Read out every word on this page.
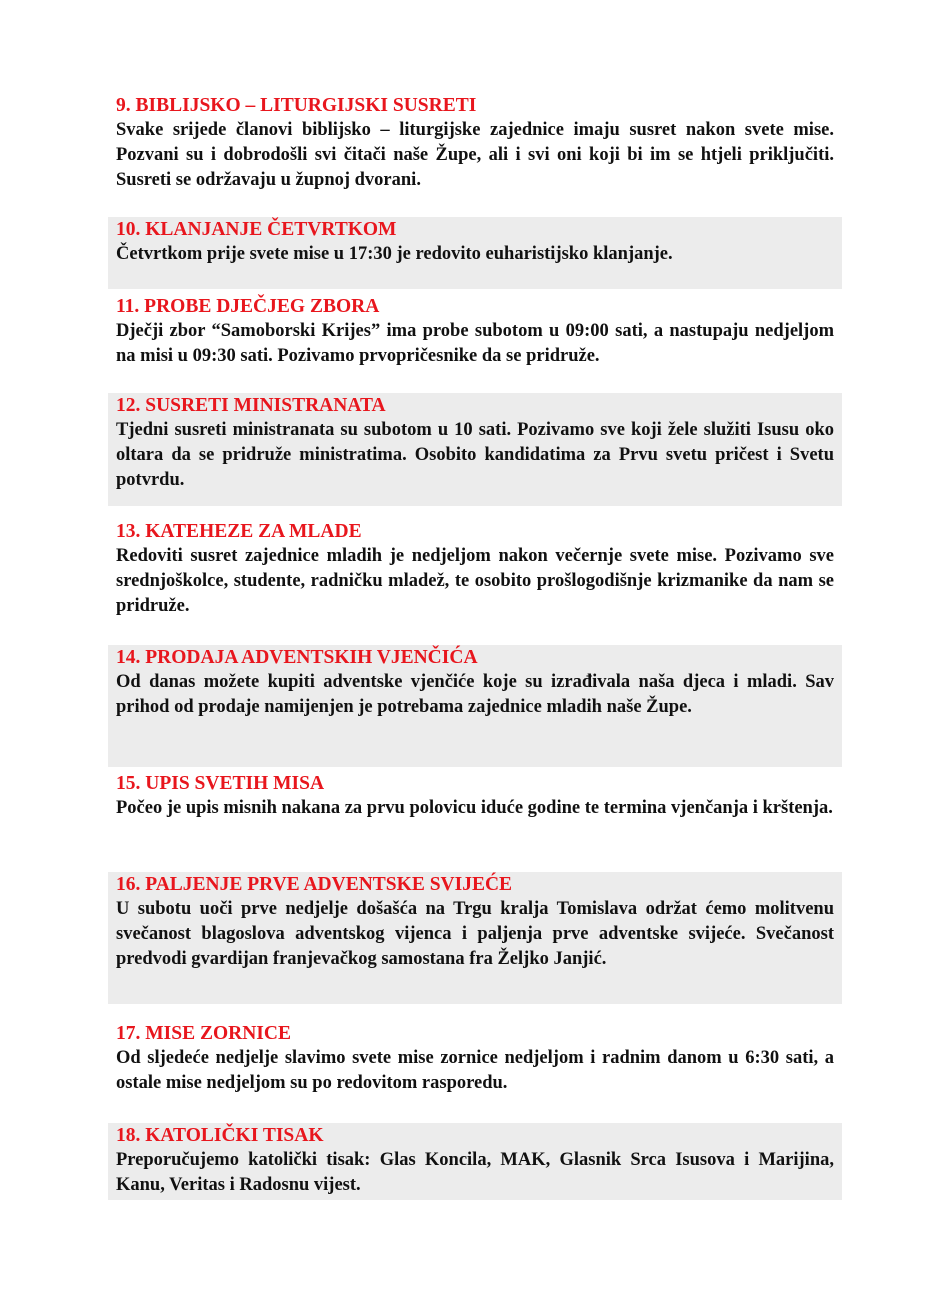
9. BIBLIJSKO – LITURGIJSKI SUSRETI
Svake srijede članovi biblijsko – liturgijske zajednice imaju susret nakon svete mise. Pozvani su i dobrodošli svi čitači naše Župe, ali i svi oni koji bi im se htjeli priključiti. Susreti se održavaju u župnoj dvorani.
10. KLANJANJE ČETVRTKOM
Četvrtkom prije svete mise u 17:30 je redovito euharistijsko klanjanje.
11. PROBE DJEČJEG ZBORA
Dječji zbor “Samoborski Krijes” ima probe subotom u 09:00 sati, a nastupaju nedjeljom na misi u 09:30 sati. Pozivamo prvopričesnike da se pridruže.
12. SUSRETI MINISTRANATA
Tjedni susreti ministranata su subotom u 10 sati. Pozivamo sve koji žele služiti Isusu oko oltara da se pridruže ministratima. Osobito kandidatima za Prvu svetu pričest i Svetu potvrdu.
13. KATEHEZE ZA MLADE
Redoviti susret zajednice mladih je nedjeljom nakon večernje svete mise. Pozivamo sve srednjoškolce, studente, radničku mladež, te osobito prošlogodišnje krizmanike da nam se pridruže.
14. PRODAJA ADVENTSKIH VJENČIĆA
Od danas možete kupiti adventske vjenčiće koje su izrađivala naša djeca i mladi. Sav prihod od prodaje namijenjen je potrebama zajednice mladih naše Župe.
15. UPIS SVETIH MISA
Počeo je upis misnih nakana za prvu polovicu iduće godine te termina vjenčanja i krštenja.
16. PALJENJE PRVE ADVENTSKE SVIJEĆE
U subotu uoči prve nedjelje došašća na Trgu kralja Tomislava održat ćemo molitvenu svečanost blagoslova adventskog vijenca i paljenja prve adventske svijeće. Svečanost predvodi gvardijan franjevačkog samostana fra Željko Janjić.
17. MISE ZORNICE
Od sljedeće nedjelje slavimo svete mise zornice nedjeljom i radnim danom u 6:30 sati, a ostale mise nedjeljom su po redovitom rasporedu.
18. KATOLIČKI TISAK
Preporučujemo katolički tisak: Glas Koncila, MAK, Glasnik Srca Isusova i Marijina, Kanu, Veritas i Radosnu vijest.
